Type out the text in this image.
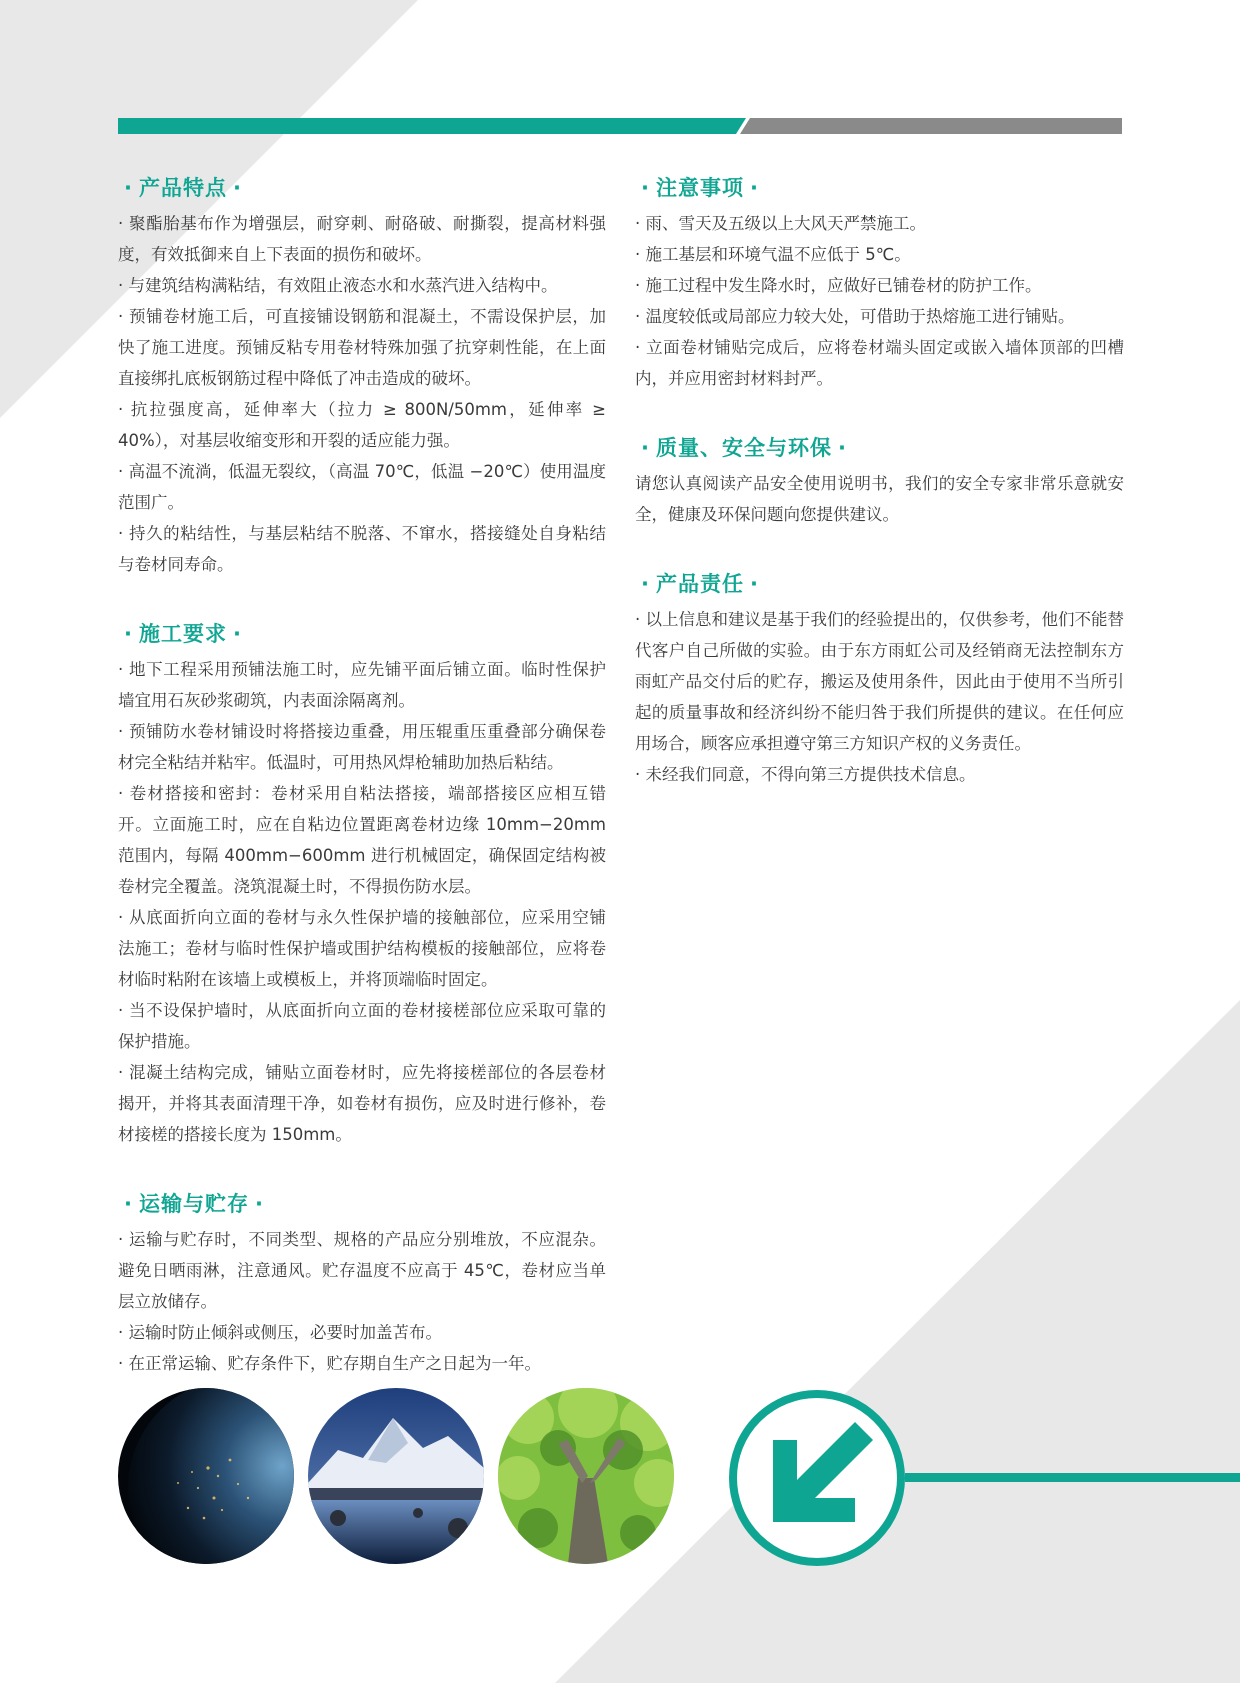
· 产品特点 ·

· 聚酯胎基布作为增强层，耐穿刺、耐硌破、耐撕裂，提高材料强度，有效抵御来自上下表面的损伤和破坏。

· 与建筑结构满粘结，有效阻止液态水和水蒸汽进入结构中。

· 预铺卷材施工后，可直接铺设钢筋和混凝土，不需设保护层，加快了施工进度。预铺反粘专用卷材特殊加强了抗穿刺性能，在上面直接绑扎底板钢筋过程中降低了冲击造成的破坏。

· 抗拉强度高，延伸率大（拉力 ≥ 800N/50mm，延伸率 ≥ 40%），对基层收缩变形和开裂的适应能力强。

· 高温不流淌，低温无裂纹，（高温 70℃，低温 −20℃）使用温度范围广。

· 持久的粘结性，与基层粘结不脱落、不窜水，搭接缝处自身粘结与卷材同寿命。

· 施工要求 ·

· 地下工程采用预铺法施工时，应先铺平面后铺立面。临时性保护墙宜用石灰砂浆砌筑，内表面涂隔离剂。

· 预铺防水卷材铺设时将搭接边重叠，用压辊重压重叠部分确保卷材完全粘结并粘牢。低温时，可用热风焊枪辅助加热后粘结。

· 卷材搭接和密封：卷材采用自粘法搭接，端部搭接区应相互错开。立面施工时，应在自粘边位置距离卷材边缘 10mm−20mm 范围内，每隔 400mm−600mm 进行机械固定，确保固定结构被卷材完全覆盖。浇筑混凝土时，不得损伤防水层。

· 从底面折向立面的卷材与永久性保护墙的接触部位，应采用空铺法施工；卷材与临时性保护墙或围护结构模板的接触部位，应将卷材临时粘附在该墙上或模板上，并将顶端临时固定。

· 当不设保护墙时，从底面折向立面的卷材接槎部位应采取可靠的保护措施。

· 混凝土结构完成，铺贴立面卷材时，应先将接槎部位的各层卷材揭开，并将其表面清理干净，如卷材有损伤，应及时进行修补，卷材接槎的搭接长度为 150mm。

· 运输与贮存 ·

· 运输与贮存时，不同类型、规格的产品应分别堆放，不应混杂。避免日晒雨淋，注意通风。贮存温度不应高于 45℃，卷材应当单层立放储存。

· 运输时防止倾斜或侧压，必要时加盖苫布。

· 在正常运输、贮存条件下，贮存期自生产之日起为一年。

· 注意事项 ·

· 雨、雪天及五级以上大风天严禁施工。

· 施工基层和环境气温不应低于 5℃。

· 施工过程中发生降水时，应做好已铺卷材的防护工作。

· 温度较低或局部应力较大处，可借助于热熔施工进行铺贴。

· 立面卷材铺贴完成后，应将卷材端头固定或嵌入墙体顶部的凹槽内，并应用密封材料封严。

· 质量、安全与环保 ·

请您认真阅读产品安全使用说明书，我们的安全专家非常乐意就安全，健康及环保问题向您提供建议。

· 产品责任 ·

· 以上信息和建议是基于我们的经验提出的，仅供参考，他们不能替代客户自己所做的实验。由于东方雨虹公司及经销商无法控制东方雨虹产品交付后的贮存，搬运及使用条件，因此由于使用不当所引起的质量事故和经济纠纷不能归咎于我们所提供的建议。在任何应用场合，顾客应承担遵守第三方知识产权的义务责任。

· 未经我们同意，不得向第三方提供技术信息。
